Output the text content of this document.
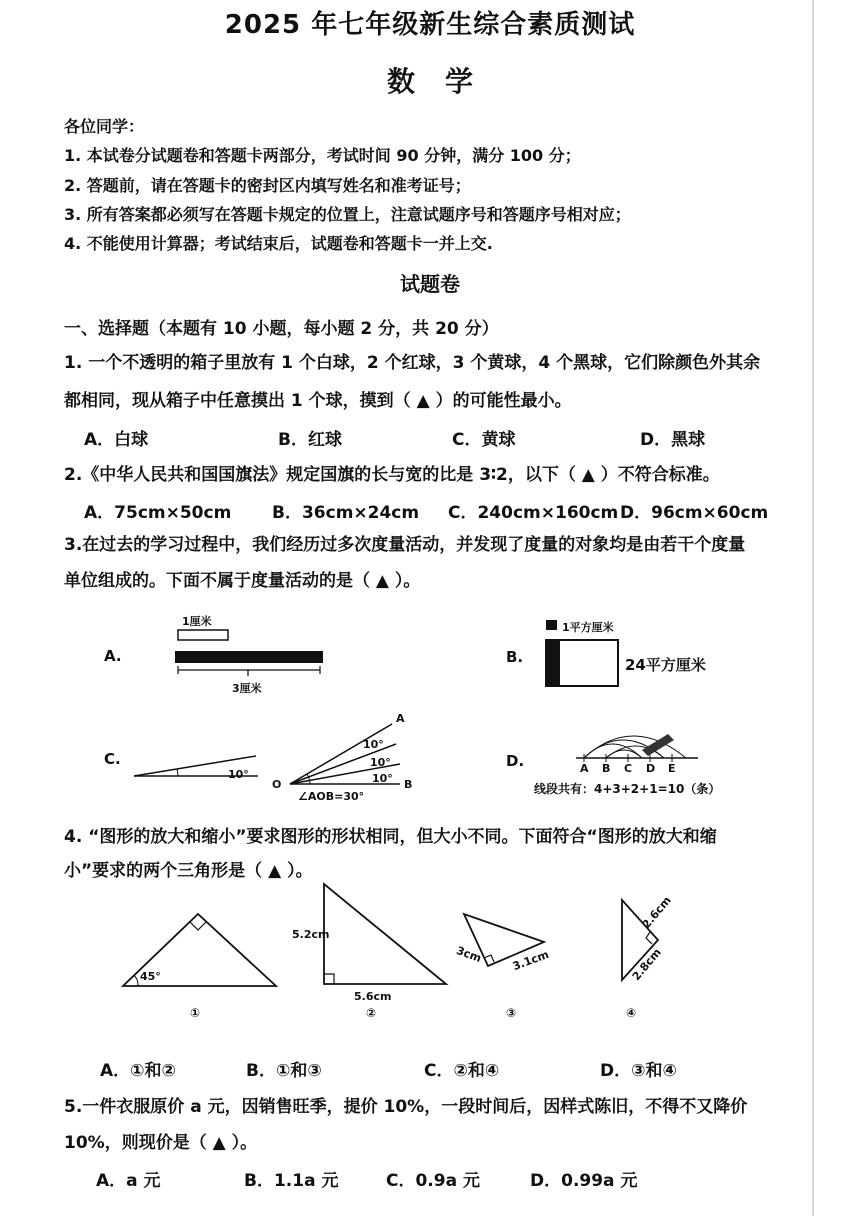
2025 年七年级新生综合素质测试
数学
各位同学：
1. 本试卷分试题卷和答题卡两部分，考试时间 90 分钟，满分 100 分；
2. 答题前，请在答题卡的密封区内填写姓名和准考证号；
3. 所有答案都必须写在答题卡规定的位置上，注意试题序号和答题序号相对应；
4. 不能使用计算器；考试结束后，试题卷和答题卡一并上交.
试题卷
一、选择题（本题有 10 小题，每小题 2 分，共 20 分）
1. 一个不透明的箱子里放有 1 个白球，2 个红球，3 个黄球，4 个黑球，它们除颜色外其余
都相同，现从箱子中任意摸出 1 个球，摸到（ ▲ ）的可能性最小。
A．白球	B．红球	C．黄球	D．黑球
2.《中华人民共和国国旗法》规定国旗的长与宽的比是 3∶2，以下（ ▲ ）不符合标准。
A．75cm×50cm B．36cm×24cm C．240cm×160cm D．96cm×60cm
3.在过去的学习过程中，我们经历过多次度量活动，并发现了度量的对象均是由若干个度量
单位组成的。下面不属于度量活动的是（ ▲ ）。
A.
1厘米
3厘米
B.
1平方厘米
24平方厘米
C.
10°
O
A
B
10°
10°
10°
∠AOB=30°
D.	A B C D E
线段共有：4+3+2+1=10（条）
4. “图形的放大和缩小”要求图形的形状相同，但大小不同。下面符合“图形的放大和缩
小”要求的两个三角形是（ ▲ ）。
45°
①
5.2cm
5.6cm
②
3cm	3.1cm
③
2.6cm
2.8cm
④
A．①和②	B．①和③	C．②和④	D．③和④
5.一件衣服原价 a 元，因销售旺季，提价 10%，一段时间后，因样式陈旧，不得不又降价
10%，则现价是（ ▲ ）。
A．a 元	B．1.1a 元	C．0.9a 元	D．0.99a 元
